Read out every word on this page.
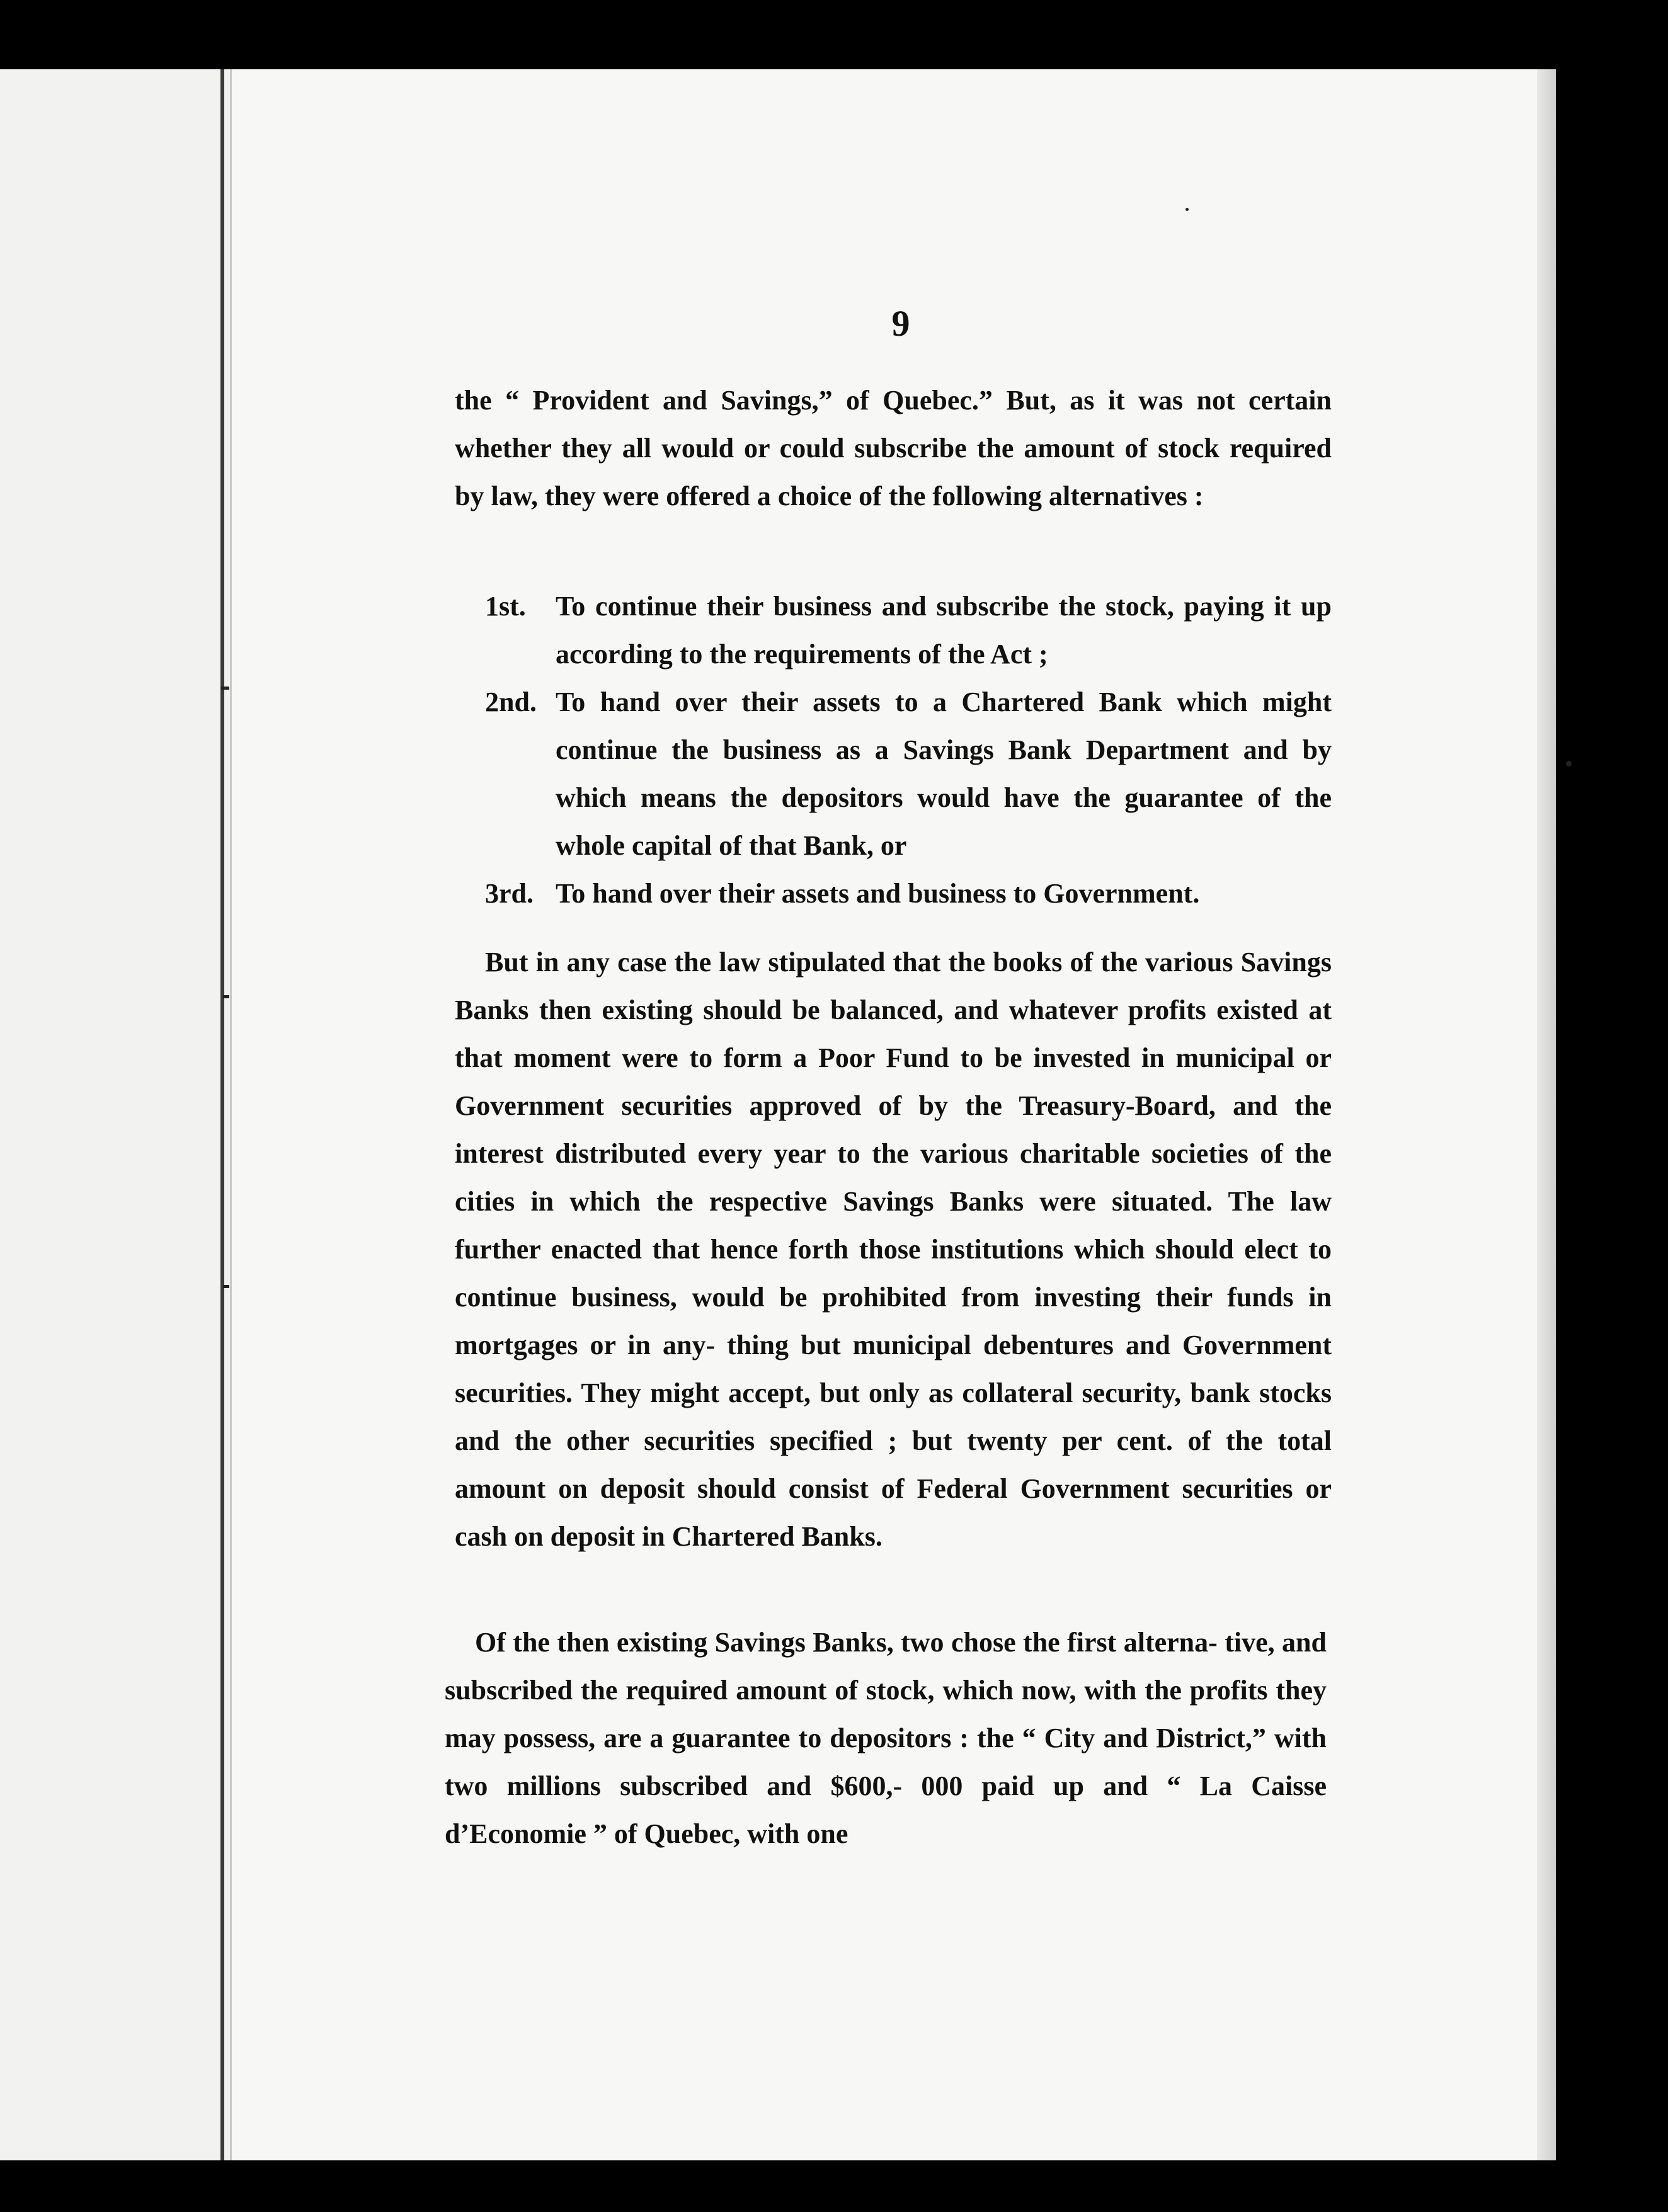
9

the “ Provident and Savings,” of Quebec.” But, as it was not certain whether they all would or could subscribe the amount of stock required by law, they were offered a choice of the following alternatives :

1st.	To continue their business and subscribe the stock, paying it up according to the requirements of the Act ;
2nd. To hand over their assets to a Chartered Bank which might continue the business as a Savings Bank Department and by which means the depositors would have the guarantee of the whole capital of that Bank, or
3rd. To hand over their assets and business to Government.

But in any case the law stipulated that the books of the various Savings Banks then existing should be balanced, and whatever profits existed at that moment were to form a Poor Fund to be invested in municipal or Government securities approved of by the Treasury-Board, and the interest distributed every year to the various charitable societies of the cities in which the respective Savings Banks were situated. The law further enacted that hence forth those institutions which should elect to continue business, would be prohibited from investing their funds in mortgages or in any- thing but municipal debentures and Government securities. They might accept, but only as collateral security, bank stocks and the other securities specified ; but twenty per cent. of the total amount on deposit should consist of Federal Government securities or cash on deposit in Chartered Banks.

Of the then existing Savings Banks, two chose the first alterna- tive, and subscribed the required amount of stock, which now, with the profits they may possess, are a guarantee to depositors : the “ City and District,” with two millions subscribed and $600,- 000 paid up and “ La Caisse d’Economie ” of Quebec, with one
